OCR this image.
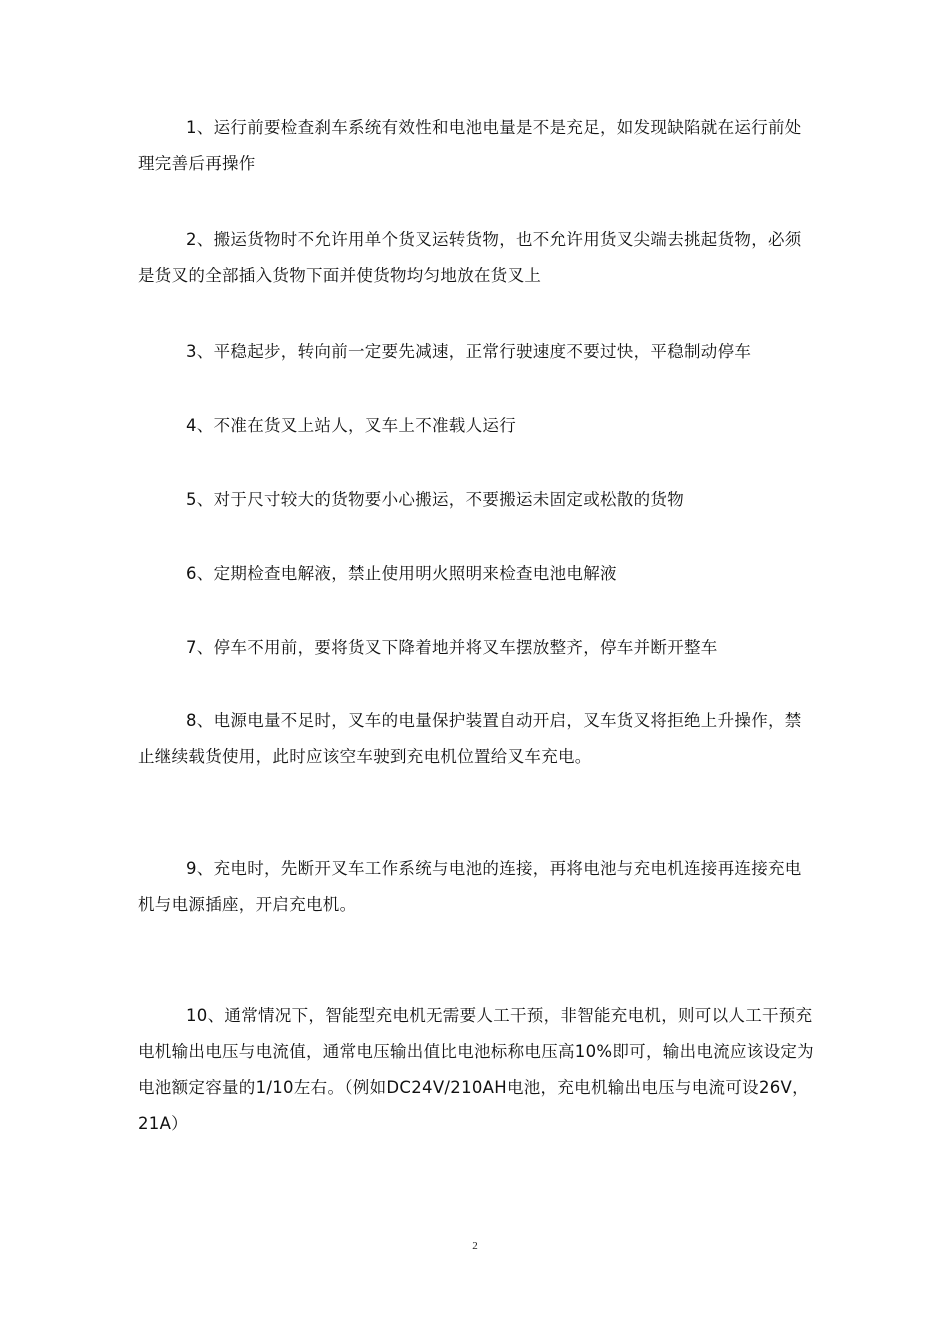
1、运行前要检查刹车系统有效性和电池电量是不是充足，如发现缺陷就在运行前处理完善后再操作

2、搬运货物时不允许用单个货叉运转货物，也不允许用货叉尖端去挑起货物，必须是货叉的全部插入货物下面并使货物均匀地放在货叉上

3、平稳起步，转向前一定要先减速，正常行驶速度不要过快，平稳制动停车

4、不准在货叉上站人，叉车上不准载人运行

5、对于尺寸较大的货物要小心搬运，不要搬运未固定或松散的货物

6、定期检查电解液，禁止使用明火照明来检查电池电解液

7、停车不用前，要将货叉下降着地并将叉车摆放整齐，停车并断开整车

8、电源电量不足时，叉车的电量保护装置自动开启，叉车货叉将拒绝上升操作，禁止继续载货使用，此时应该空车驶到充电机位置给叉车充电。

9、充电时，先断开叉车工作系统与电池的连接，再将电池与充电机连接再连接充电机与电源插座，开启充电机。

10、通常情况下，智能型充电机无需要人工干预，非智能充电机，则可以人工干预充电机输出电压与电流值，通常电压输出值比电池标称电压高10%即可，输出电流应该设定为电池额定容量的1/10左右。（例如DC24V/210AH电池，充电机输出电压与电流可设26V，21A）

2
